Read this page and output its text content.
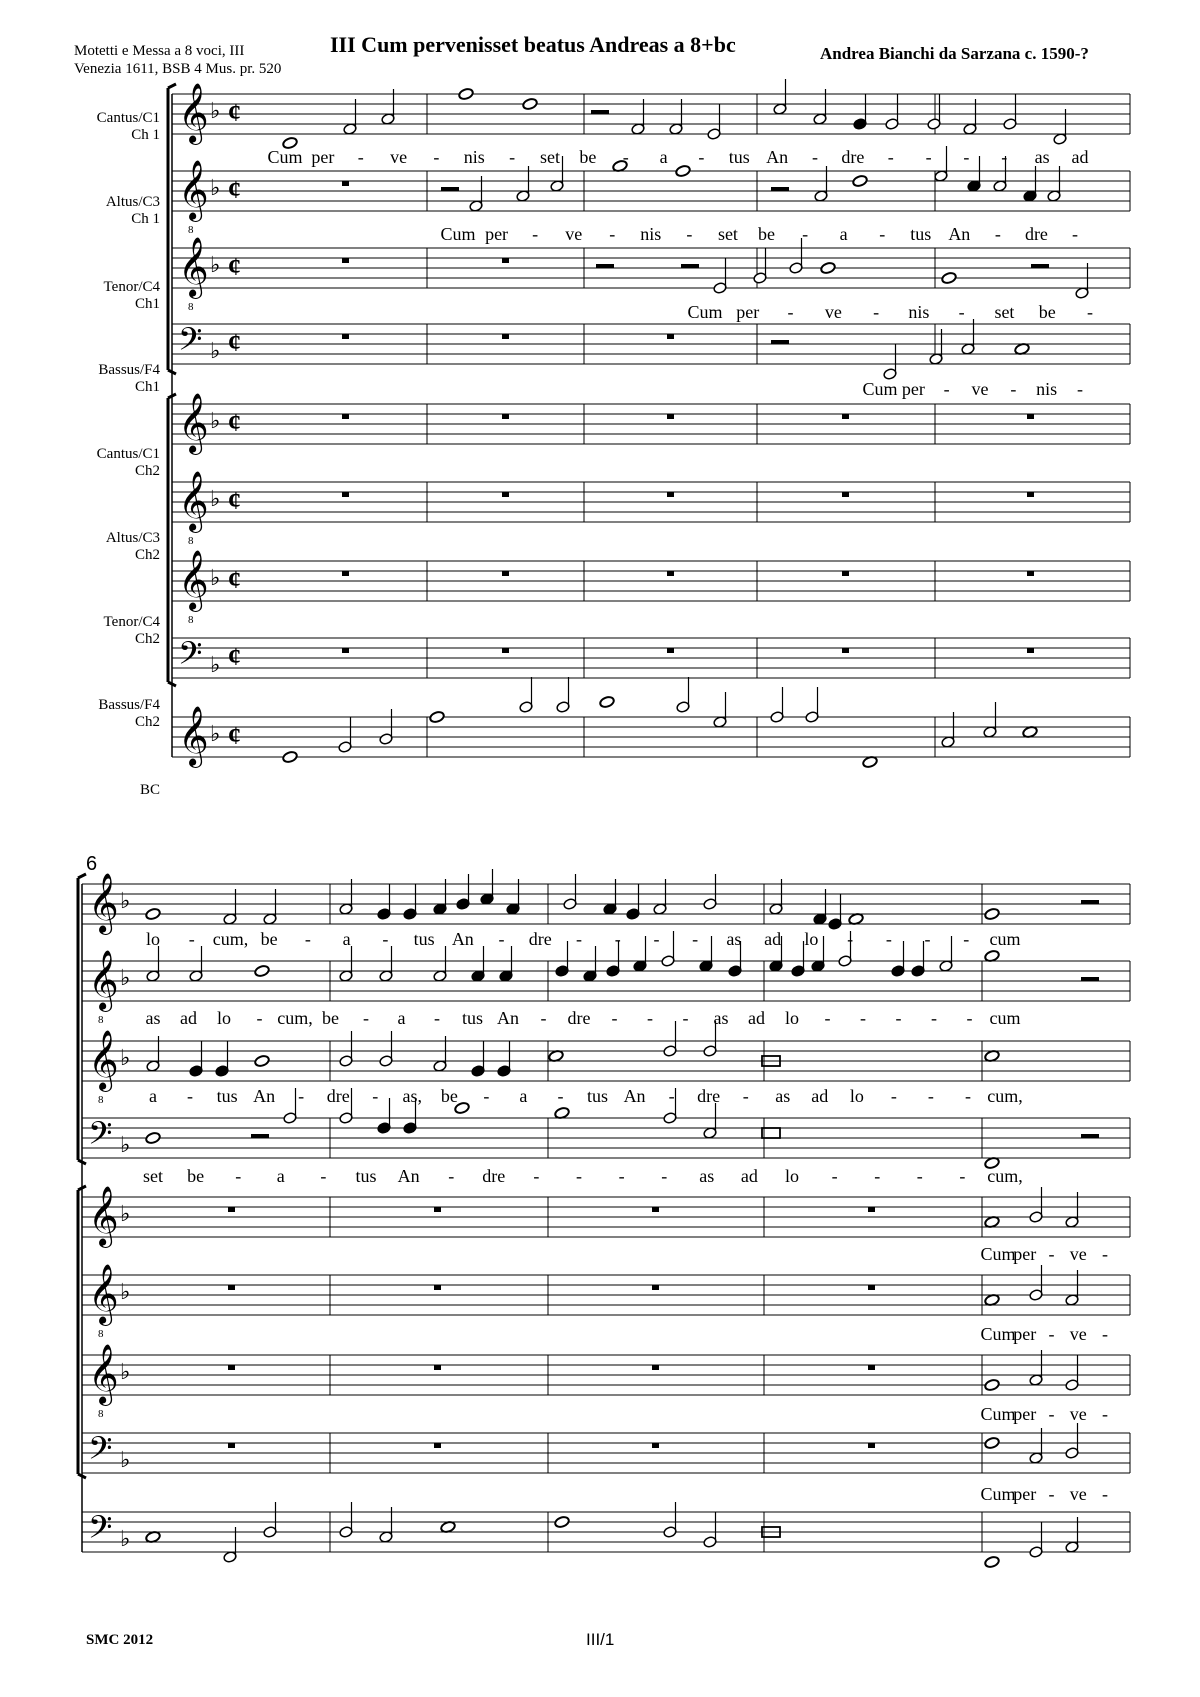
Motetti e Messa a 8 voci, III
Venezia 1611, BSB 4 Mus. pr. 520
III Cum pervenisset beatus Andreas a 8+bc	Andrea Bianchi da Sarzana c. 1590-?
Cantus/C1
Ch 1
Altus/C3
Ch 1
Tenor/C4
Ch1
Bassus/F4
Ch1
Cantus/C1
Ch2
Altus/C3
Ch2
Tenor/C4
Ch2
Bassus/F4
Ch2
BC
6
𝄞 ♭ ¢
𝄞
8
♭ ¢
𝄞
8
♭ ¢
𝄢 ♭ ¢
𝄞 ♭ ¢
𝄞
8
♭ ¢
𝄞
8
♭ ¢
𝄢 ♭ ¢
𝄞 ♭ ¢
𝄞 ♭
𝄞
8
♭
𝄞
8
♭
𝄢 ♭
𝄞 ♭
𝄞
8
♭
𝄞
8
♭
𝄢 ♭
𝄢 ♭
Cum per - ve - nis - set be - a - tus An - dre - - - - as ad
Cum per - ve - nis - set be - a - tus An - dre -
Cum per - ve - nis - set be -
Cum per - ve - nis -
lo - cum, be - a - tus An - dre - - - - as ad lo - - - - cum
as ad lo - cum, be - a - tus An - dre - - - as ad lo - - - - - cum
a - tus An - dre - as, be - a - tus An - dre - as ad lo - - - cum,
set be - a - tus An - dre - - - - as ad lo - - - - cum,
Cum
per - ve -
Cum
per - ve -
Cum
per - ve -
Cum
per - ve -
SMC 2012	III/1
